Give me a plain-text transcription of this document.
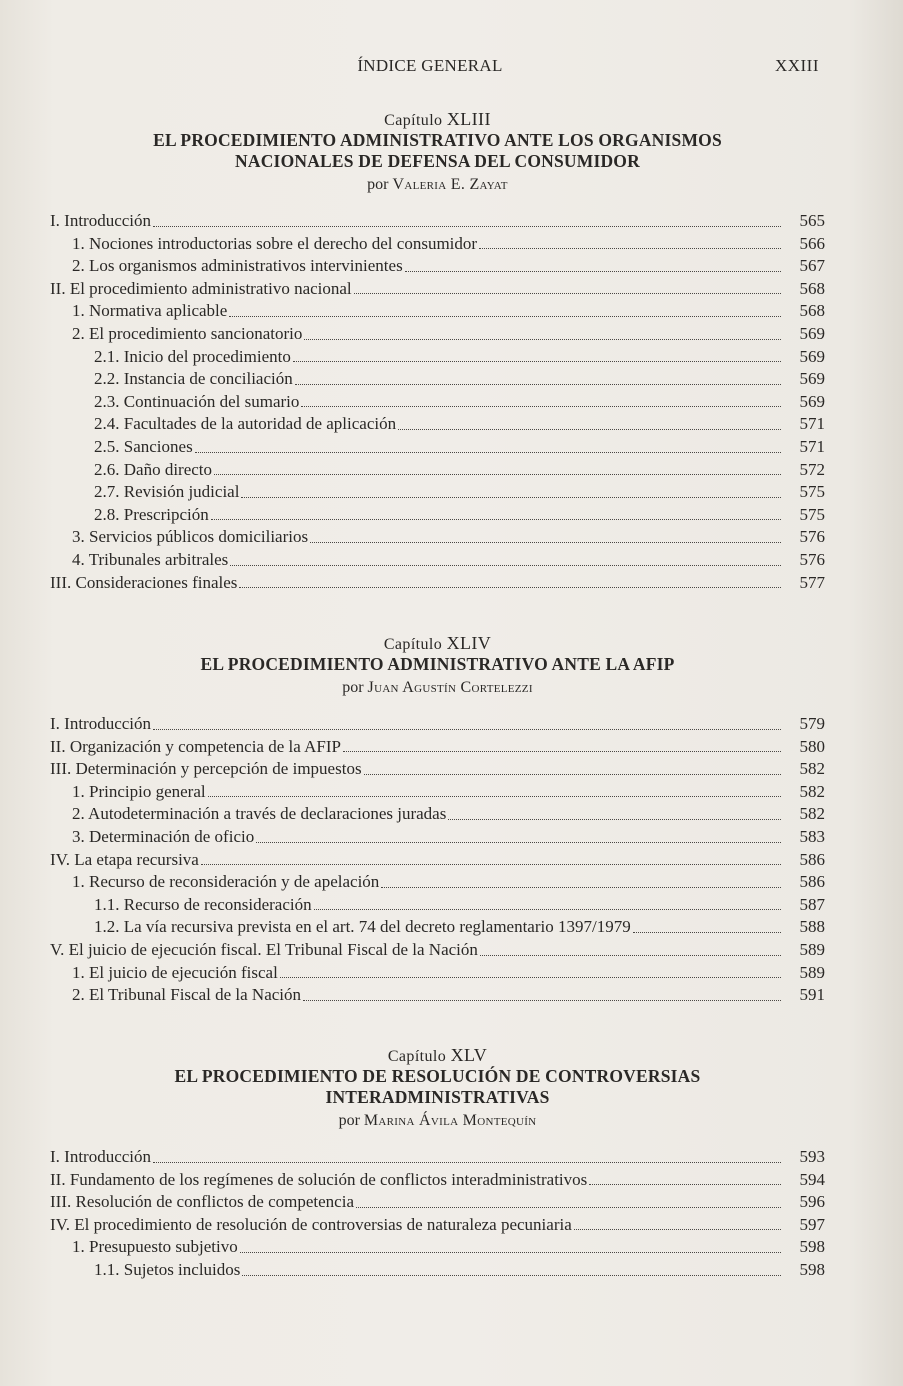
ÍNDICE GENERAL	XXIII
Capítulo XLIII
EL PROCEDIMIENTO ADMINISTRATIVO ANTE LOS ORGANISMOS NACIONALES DE DEFENSA DEL CONSUMIDOR
por Valeria E. Zayat
I. Introducción	565
1. Nociones introductorias sobre el derecho del consumidor	566
2. Los organismos administrativos intervinientes	567
II. El procedimiento administrativo nacional	568
1. Normativa aplicable	568
2. El procedimiento sancionatorio	569
2.1. Inicio del procedimiento	569
2.2. Instancia de conciliación	569
2.3. Continuación del sumario	569
2.4. Facultades de la autoridad de aplicación	571
2.5. Sanciones	571
2.6. Daño directo	572
2.7. Revisión judicial	575
2.8. Prescripción	575
3. Servicios públicos domiciliarios	576
4. Tribunales arbitrales	576
III. Consideraciones finales	577
Capítulo XLIV
EL PROCEDIMIENTO ADMINISTRATIVO ANTE LA AFIP
por Juan Agustín Cortelezzi
I. Introducción	579
II. Organización y competencia de la AFIP	580
III. Determinación y percepción de impuestos	582
1. Principio general	582
2. Autodeterminación a través de declaraciones juradas	582
3. Determinación de oficio	583
IV. La etapa recursiva	586
1. Recurso de reconsideración y de apelación	586
1.1. Recurso de reconsideración	587
1.2. La vía recursiva prevista en el art. 74 del decreto reglamentario 1397/1979	588
V. El juicio de ejecución fiscal. El Tribunal Fiscal de la Nación	589
1. El juicio de ejecución fiscal	589
2. El Tribunal Fiscal de la Nación	591
Capítulo XLV
EL PROCEDIMIENTO DE RESOLUCIÓN DE CONTROVERSIAS INTERADMINISTRATIVAS
por Marina Ávila Montequín
I. Introducción	593
II. Fundamento de los regímenes de solución de conflictos interadministrativos	594
III. Resolución de conflictos de competencia	596
IV. El procedimiento de resolución de controversias de naturaleza pecuniaria	597
1. Presupuesto subjetivo	598
1.1. Sujetos incluidos	598
